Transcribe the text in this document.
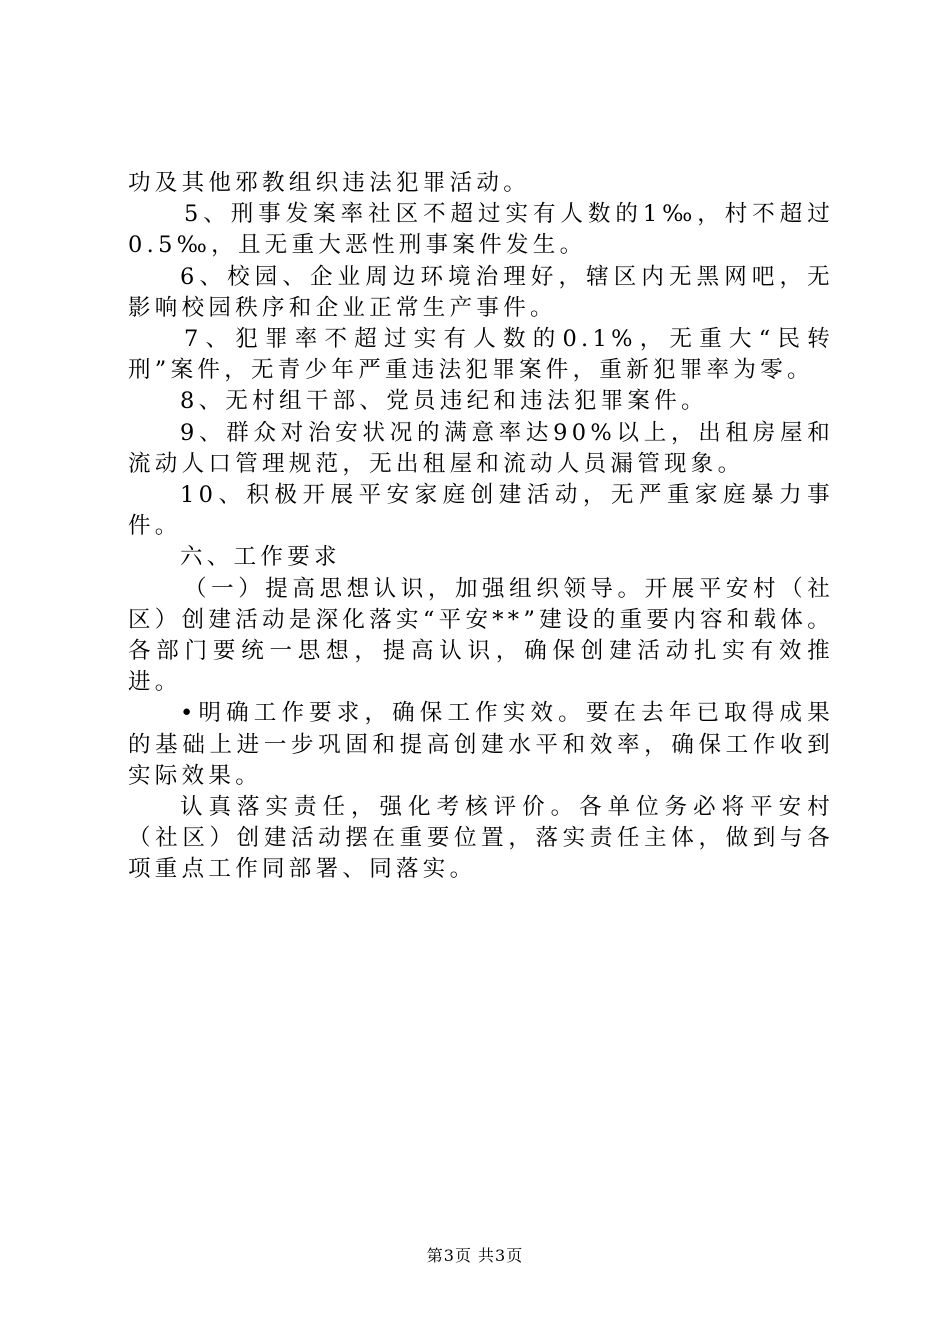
功及其他邪教组织违法犯罪活动。

5、刑事发案率社区不超过实有人数的1‰，村不超过0.5‰，且无重大恶性刑事案件发生。

6、校园、企业周边环境治理好，辖区内无黑网吧，无影响校园秩序和企业正常生产事件。

7、犯罪率不超过实有人数的0.1%，无重大“民转刑”案件，无青少年严重违法犯罪案件，重新犯罪率为零。

8、无村组干部、党员违纪和违法犯罪案件。

9、群众对治安状况的满意率达90%以上，出租房屋和流动人口管理规范，无出租屋和流动人员漏管现象。

10、积极开展平安家庭创建活动，无严重家庭暴力事件。

六、工作要求

（一）提高思想认识，加强组织领导。开展平安村（社区）创建活动是深化落实“平安**”建设的重要内容和载体。各部门要统一思想，提高认识，确保创建活动扎实有效推进。

•明确工作要求，确保工作实效。要在去年已取得成果的基础上进一步巩固和提高创建水平和效率，确保工作收到实际效果。

认真落实责任，强化考核评价。各单位务必将平安村（社区）创建活动摆在重要位置，落实责任主体，做到与各项重点工作同部署、同落实。

第3页 共3页
